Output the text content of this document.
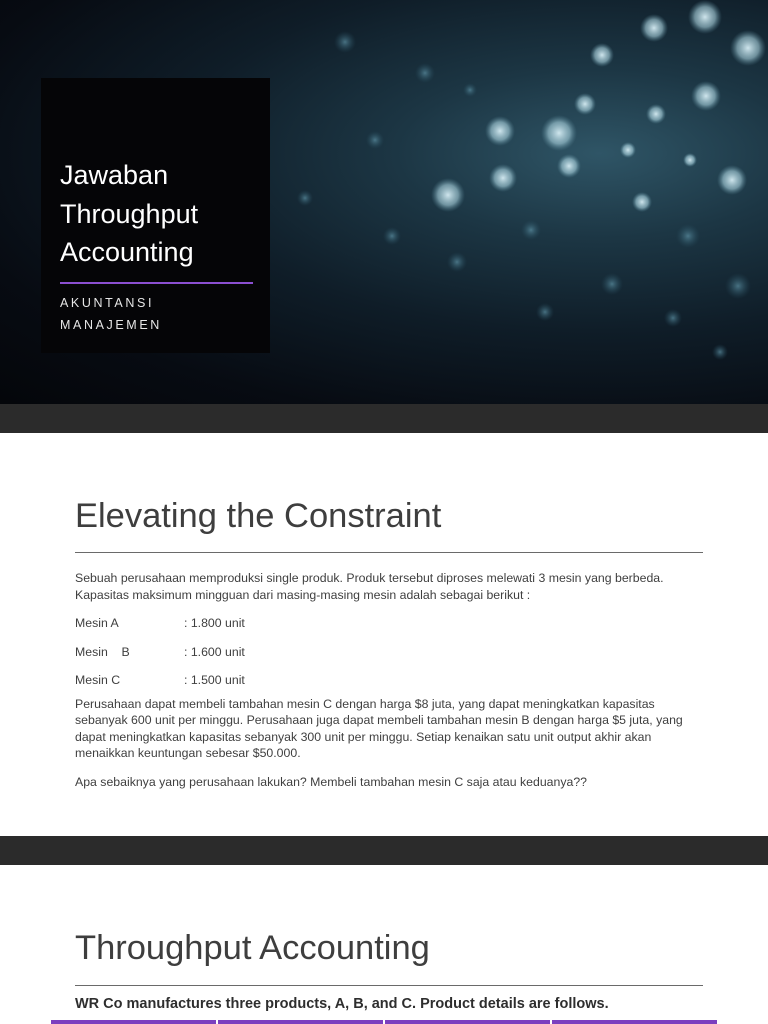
Jawaban Throughput Accounting
AKUNTANSI MANAJEMEN
Elevating the Constraint

Sebuah perusahaan memproduksi single produk. Produk tersebut diproses melewati 3 mesin yang berbeda. Kapasitas maksimum mingguan dari masing-masing mesin adalah sebagai berikut :

Mesin A	: 1.800 unit
Mesin    B	: 1.600 unit
Mesin C	: 1.500 unit

Perusahaan dapat membeli tambahan mesin C dengan harga $8 juta, yang dapat meningkatkan kapasitas sebanyak 600 unit per minggu. Perusahaan juga dapat membeli tambahan mesin B dengan harga $5 juta, yang dapat meningkatkan kapasitas sebanyak 300 unit per minggu. Setiap kenaikan satu unit output akhir akan menaikkan keuntungan sebesar $50.000.

Apa sebaiknya yang perusahaan lakukan? Membeli tambahan mesin C saja atau keduanya??

Throughput Accounting
WR Co manufactures three products, A, B, and C. Product details are follows.
